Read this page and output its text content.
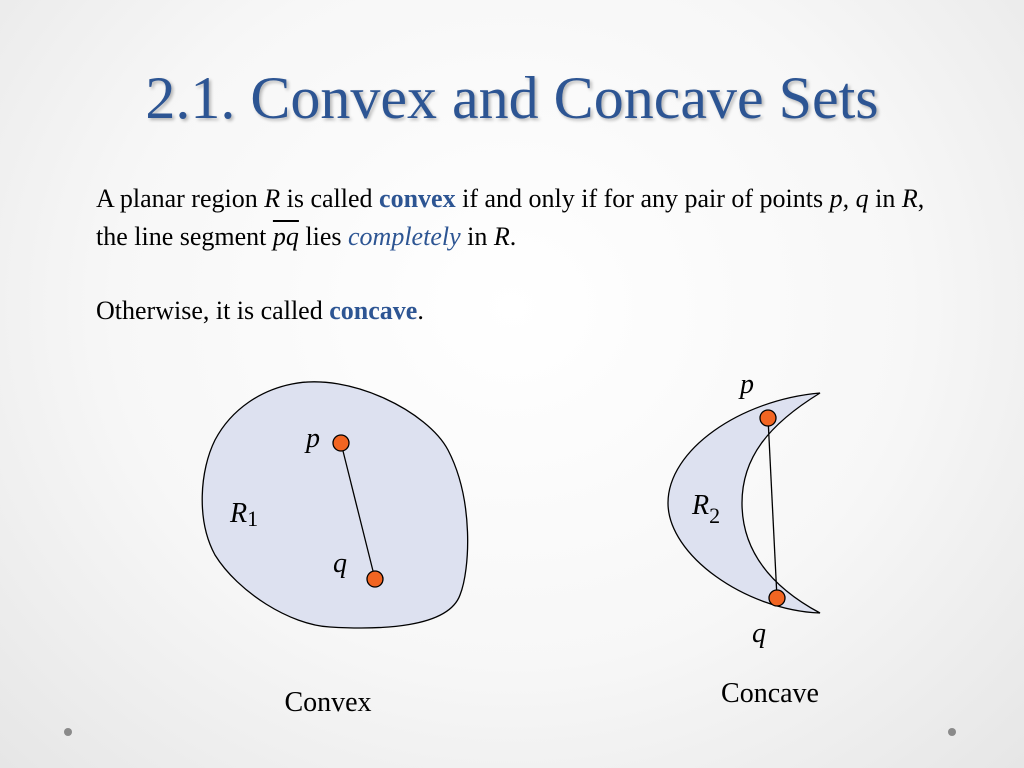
2.1. Convex and Concave Sets
A planar region R is called convex if and only if for any pair of points p, q in R, the line segment $\overline{pq}$ lies completely in R.
Otherwise, it is called concave.
p
q
R1
Convex
p
q
$R_2$
Concave
